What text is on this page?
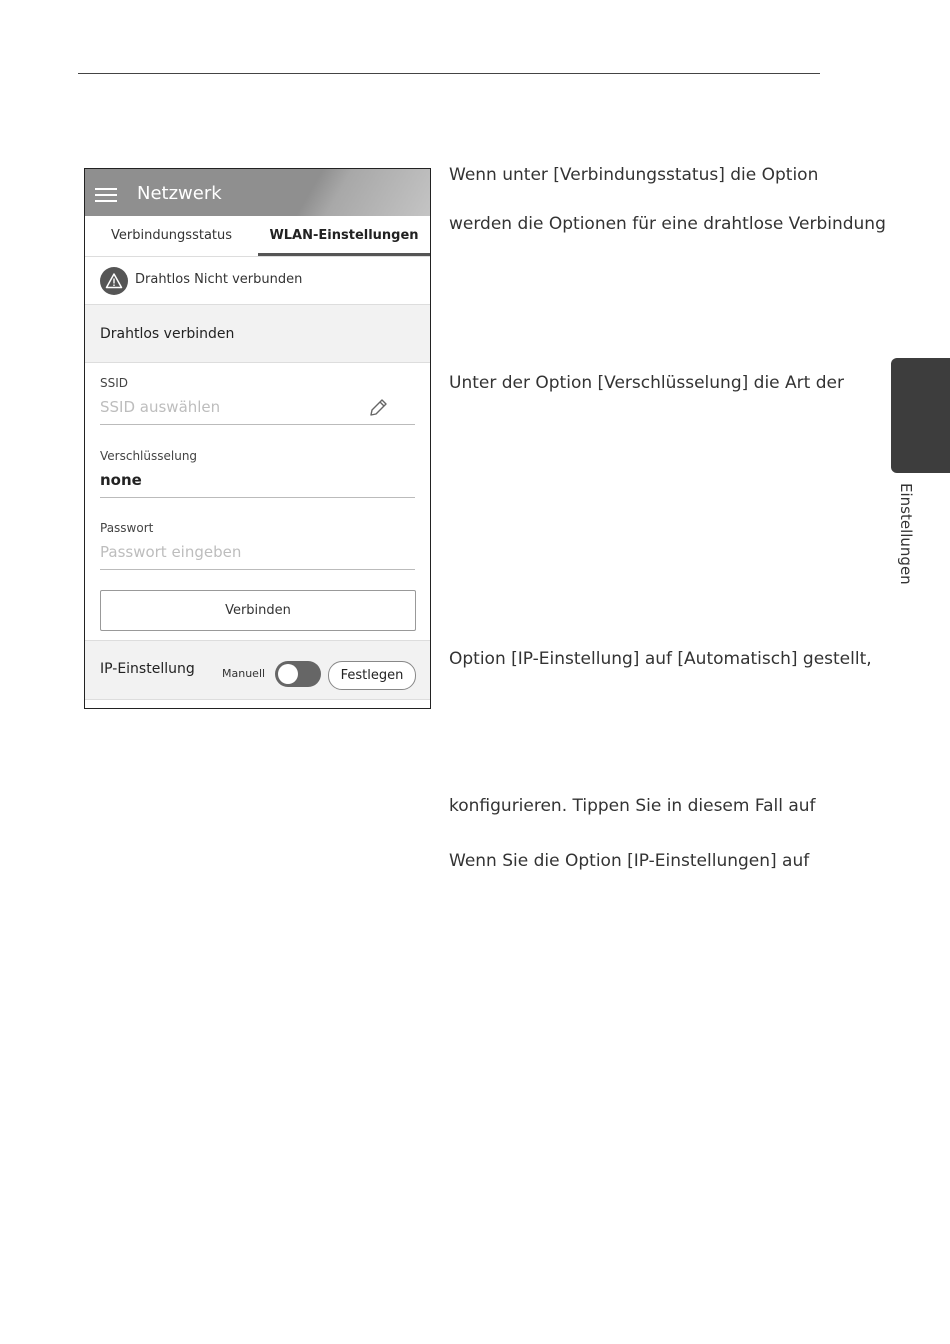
Netzwerk
Verbindungsstatus	WLAN-Einstellungen
Drahtlos Nicht verbunden
Drahtlos verbinden
SSID
SSID auswählen
Verschlüsselung
none
Passwort
Passwort eingeben
Verbinden
IP-Einstellung Manuell	Festlegen
Wenn unter [Verbindungsstatus] die Option
werden die Optionen für eine drahtlose Verbindung
Unter der Option [Verschlüsselung] die Art der
Option [IP-Einstellung] auf [Automatisch] gestellt,
konfigurieren. Tippen Sie in diesem Fall auf
Wenn Sie die Option [IP-Einstellungen] auf
Einstellungen
